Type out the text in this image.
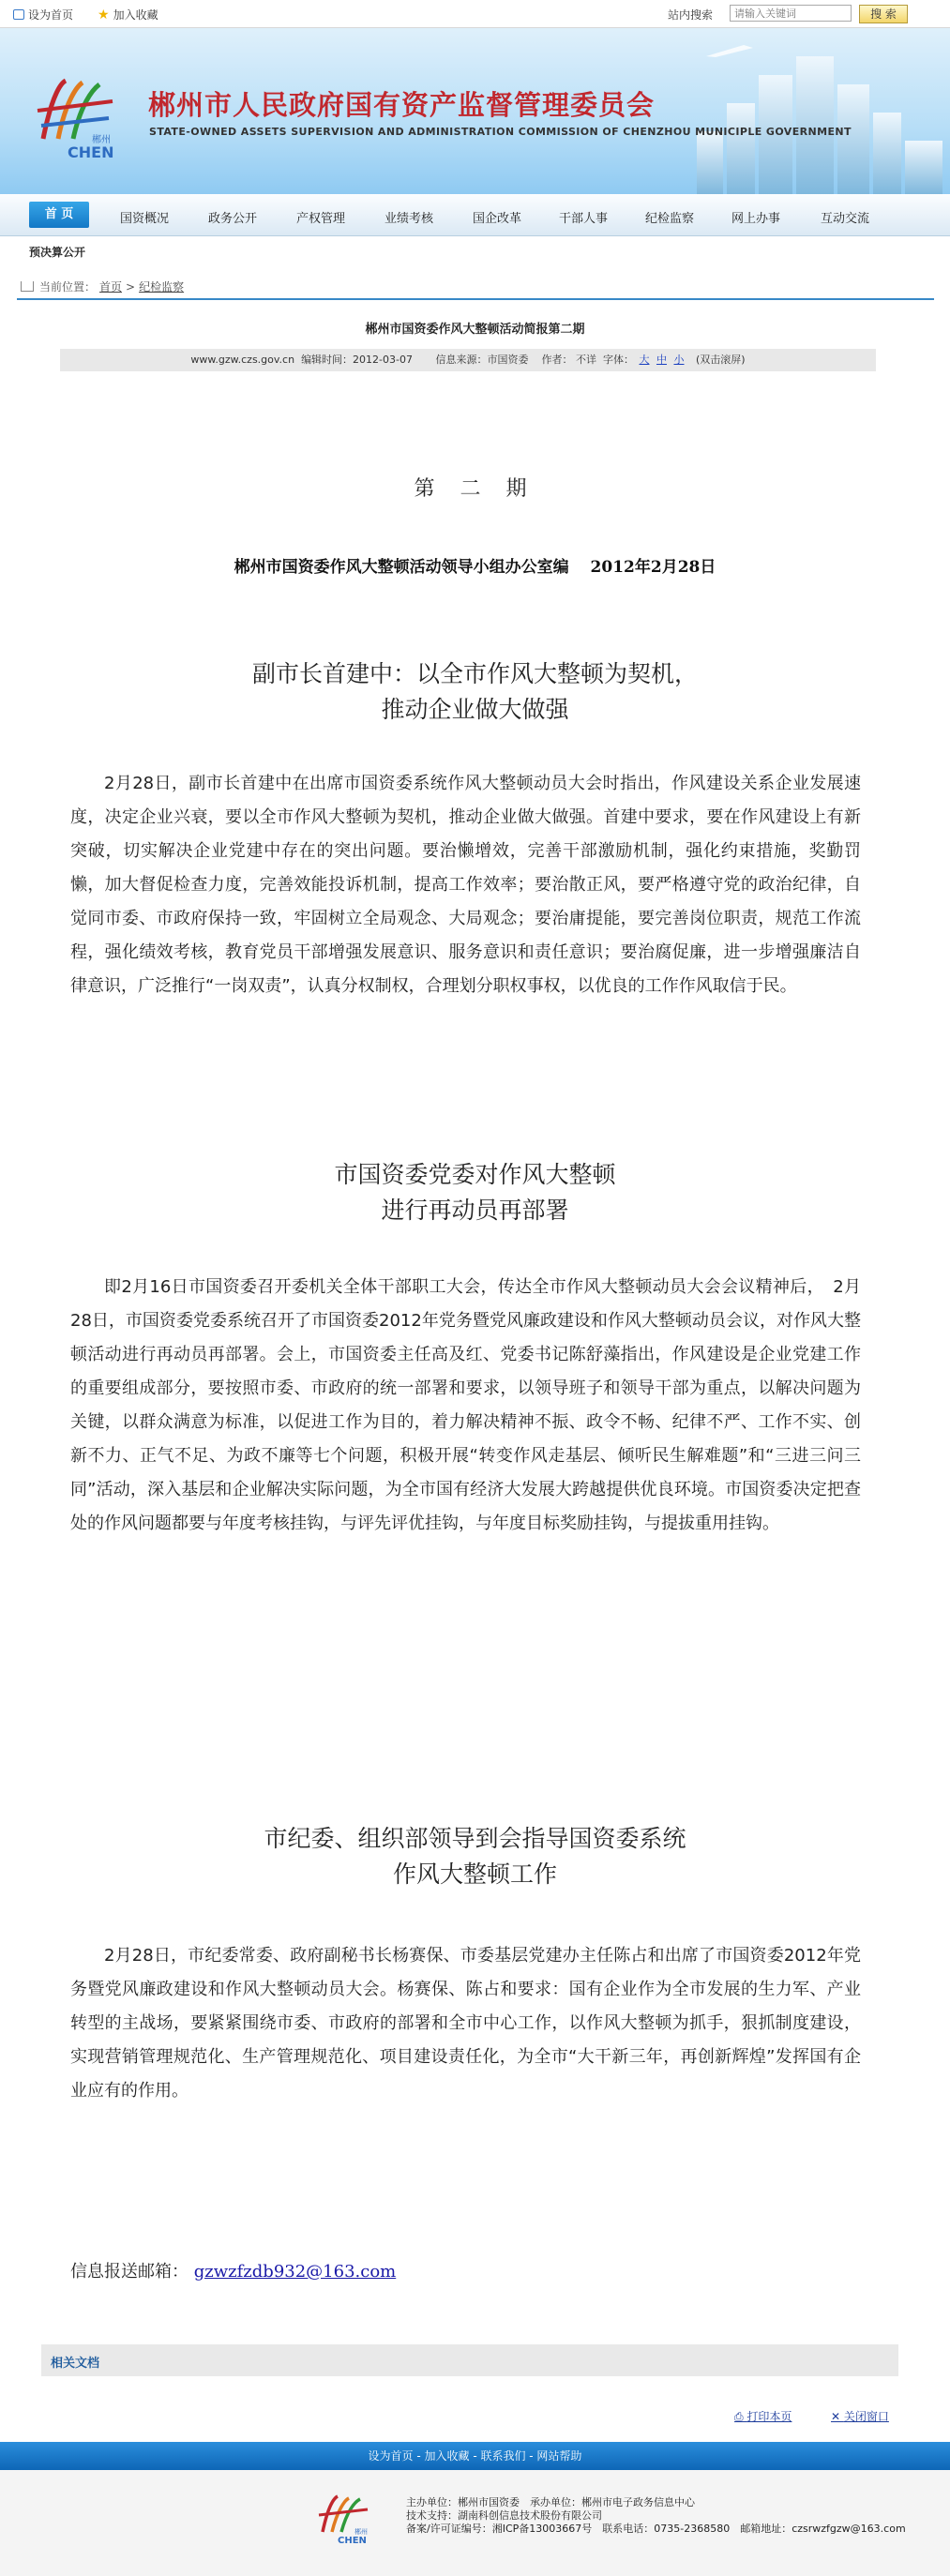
设为首页 ★ 加入收藏	站内搜索
请输入关键词	搜 索
郴州
CHEN
郴州市人民政府国有资产监督管理委员会
STATE-OWNED ASSETS SUPERVISION AND ADMINISTRATION COMMISSION OF CHENZHOU MUNICIPLE GOVERNMENT
首 页	国资概况	政务公开	产权管理	业绩考核	国企改革	干部人事	纪检监察	网上办事	互动交流
预决算公开
当前位置： 首页 > 纪检监察
郴州市国资委作风大整顿活动简报第二期
www.gzw.czs.gov.cn 编辑时间：2012-03-07 信息来源：市国资委 作者： 不详 字体： 大 中 小 (双击滚屏)
第 二 期
郴州市国资委作风大整顿活动领导小组办公室编　 2012年2月28日
副市长首建中：以全市作风大整顿为契机，
推动企业做大做强
2月28日，副市长首建中在出席市国资委系统作风大整顿动员大会时指出，作风建设关系企业发展速度，决定企业兴衰，要以全市作风大整顿为契机，推动企业做大做强。首建中要求，要在作风建设上有新突破，切实解决企业党建中存在的突出问题。要治懒增效，完善干部激励机制，强化约束措施，奖勤罚懒，加大督促检查力度，完善效能投诉机制，提高工作效率；要治散正风，要严格遵守党的政治纪律，自觉同市委、市政府保持一致，牢固树立全局观念、大局观念；要治庸提能，要完善岗位职责，规范工作流程，强化绩效考核，教育党员干部增强发展意识、服务意识和责任意识；要治腐促廉，进一步增强廉洁自律意识，广泛推行“一岗双责”，认真分权制权，合理划分职权事权，以优良的工作作风取信于民。
市国资委党委对作风大整顿
进行再动员再部署
即2月16日市国资委召开委机关全体干部职工大会，传达全市作风大整顿动员大会会议精神后，　2月28日，市国资委党委系统召开了市国资委2012年党务暨党风廉政建设和作风大整顿动员会议，对作风大整顿活动进行再动员再部署。会上，市国资委主任高及红、党委书记陈舒藻指出，作风建设是企业党建工作的重要组成部分，要按照市委、市政府的统一部署和要求，以领导班子和领导干部为重点，以解决问题为关键，以群众满意为标准，以促进工作为目的，着力解决精神不振、政令不畅、纪律不严、工作不实、创新不力、正气不足、为政不廉等七个问题，积极开展“转变作风走基层、倾听民生解难题”和“三进三问三同”活动，深入基层和企业解决实际问题，为全市国有经济大发展大跨越提供优良环境。市国资委决定把查处的作风问题都要与年度考核挂钩，与评先评优挂钩，与年度目标奖励挂钩，与提拔重用挂钩。
市纪委、组织部领导到会指导国资委系统
作风大整顿工作
2月28日，市纪委常委、政府副秘书长杨赛保、市委基层党建办主任陈占和出席了市国资委2012年党务暨党风廉政建设和作风大整顿动员大会。杨赛保、陈占和要求：国有企业作为全市发展的生力军、产业转型的主战场，要紧紧围绕市委、市政府的部署和全市中心工作，以作风大整顿为抓手，狠抓制度建设，实现营销管理规范化、生产管理规范化、项目建设责任化，为全市“大干新三年，再创新辉煌”发挥国有企业应有的作用。
信息报送邮箱： gzwzfzdb932@163.com
相关文档
⎙ 打印本页	✕ 关闭窗口
设为首页 - 加入收藏 - 联系我们 - 网站帮助
郴州
CHEN
主办单位：郴州市国资委　承办单位：郴州市电子政务信息中心
技术支持：湖南科创信息技术股份有限公司
备案/许可证编号：湘ICP备13003667号　联系电话：0735-2368580　邮箱地址：czsrwzfgzw@163.com
